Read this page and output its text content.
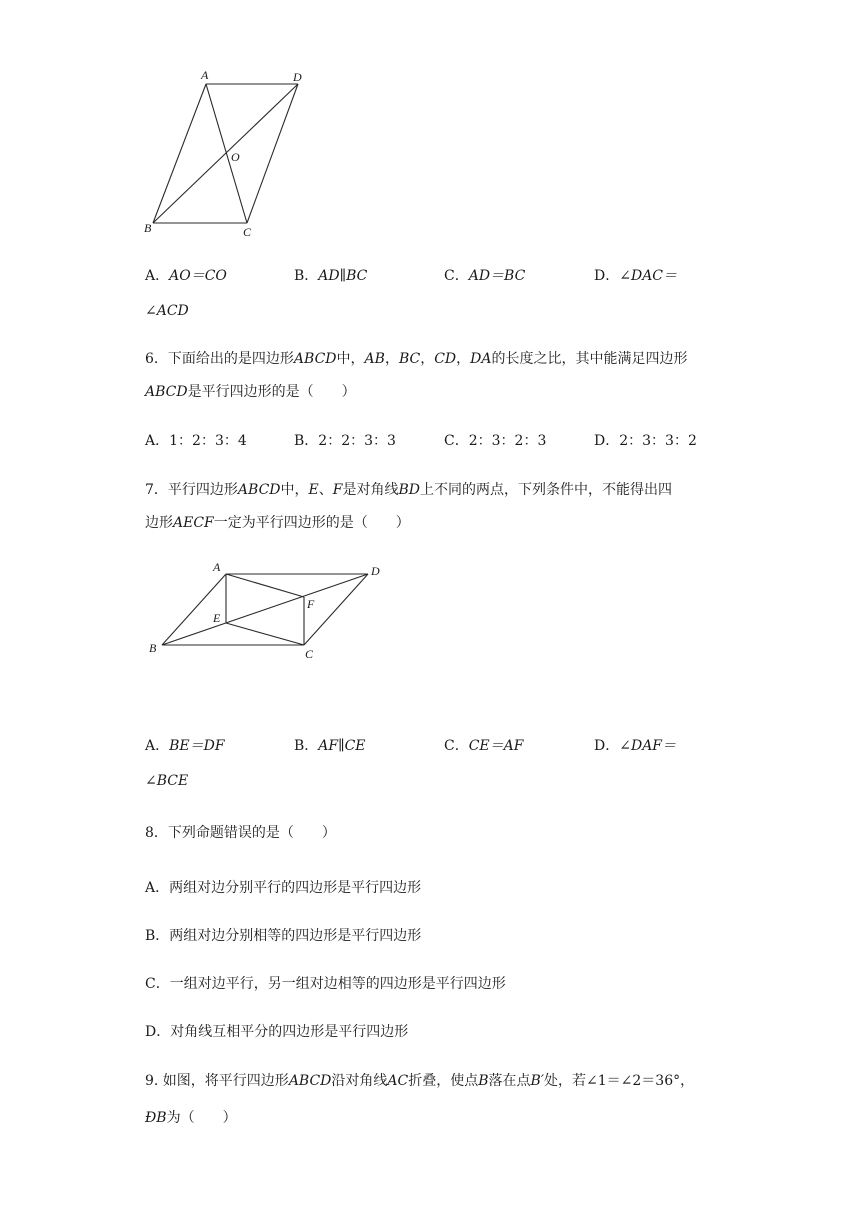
A	D
O
B	C
A．AO＝CO	B．AD∥BC	C．AD＝BC	D．∠DAC＝
∠ACD
6．下面给出的是四边形ABCD中，AB，BC，CD，DA的长度之比，其中能满足四边形
ABCD是平行四边形的是（　　）
A．1：2：3：4	B．2：2：3：3	C．2：3：2：3	D．2：3：3：2
7．平行四边形ABCD中，E、F是对角线BD上不同的两点，下列条件中，不能得出四
边形AECF一定为平行四边形的是（　　）
A	D
E
F
B	C
A．BE＝DF	B．AF∥CE	C．CE＝AF	D．∠DAF＝
∠BCE
8．下列命题错误的是（　　）
A．两组对边分别平行的四边形是平行四边形
B．两组对边分别相等的四边形是平行四边形
C．一组对边平行，另一组对边相等的四边形是平行四边形
D．对角线互相平分的四边形是平行四边形
9. 如图，将平行四边形ABCD沿对角线AC折叠，使点B落在点B′处，若∠1＝∠2＝36°，
ÐB为（　　）
